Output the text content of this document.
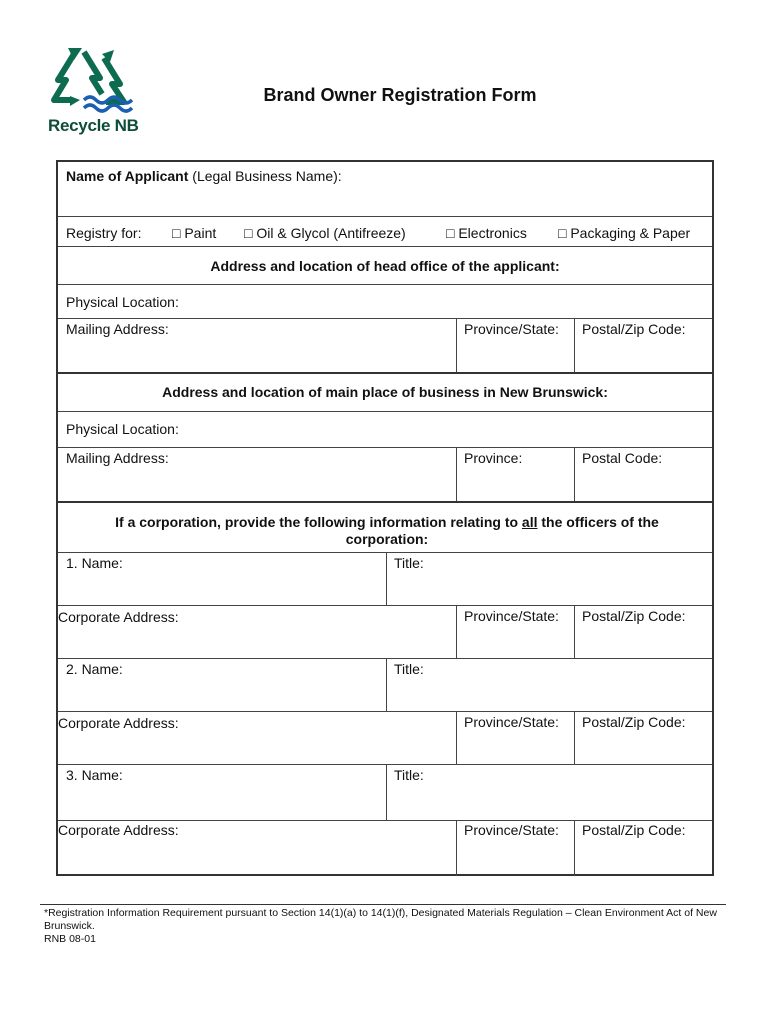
Recycle NB
Brand Owner Registration Form
Name of Applicant (Legal Business Name):
Registry for: □ Paint □ Oil & Glycol (Antifreeze)	□ Electronics □ Packaging & Paper
Address and location of head office of the applicant:
Physical Location:
Mailing Address:	Province/State: Postal/Zip Code:
Address and location of main place of business in New Brunswick:
Physical Location:
Mailing Address:	Province:	Postal Code:
If a corporation, provide the following information relating to all the officers of the corporation:
1. Name:	Title:
Corporate Address:	Province/State: Postal/Zip Code:
2. Name:	Title:
Corporate Address:	Province/State: Postal/Zip Code:
3. Name:	Title:
Corporate Address:	Province/State: Postal/Zip Code:
*Registration Information Requirement pursuant to Section 14(1)(a) to 14(1)(f), Designated Materials Regulation – Clean Environment Act of New Brunswick.
RNB 08-01
